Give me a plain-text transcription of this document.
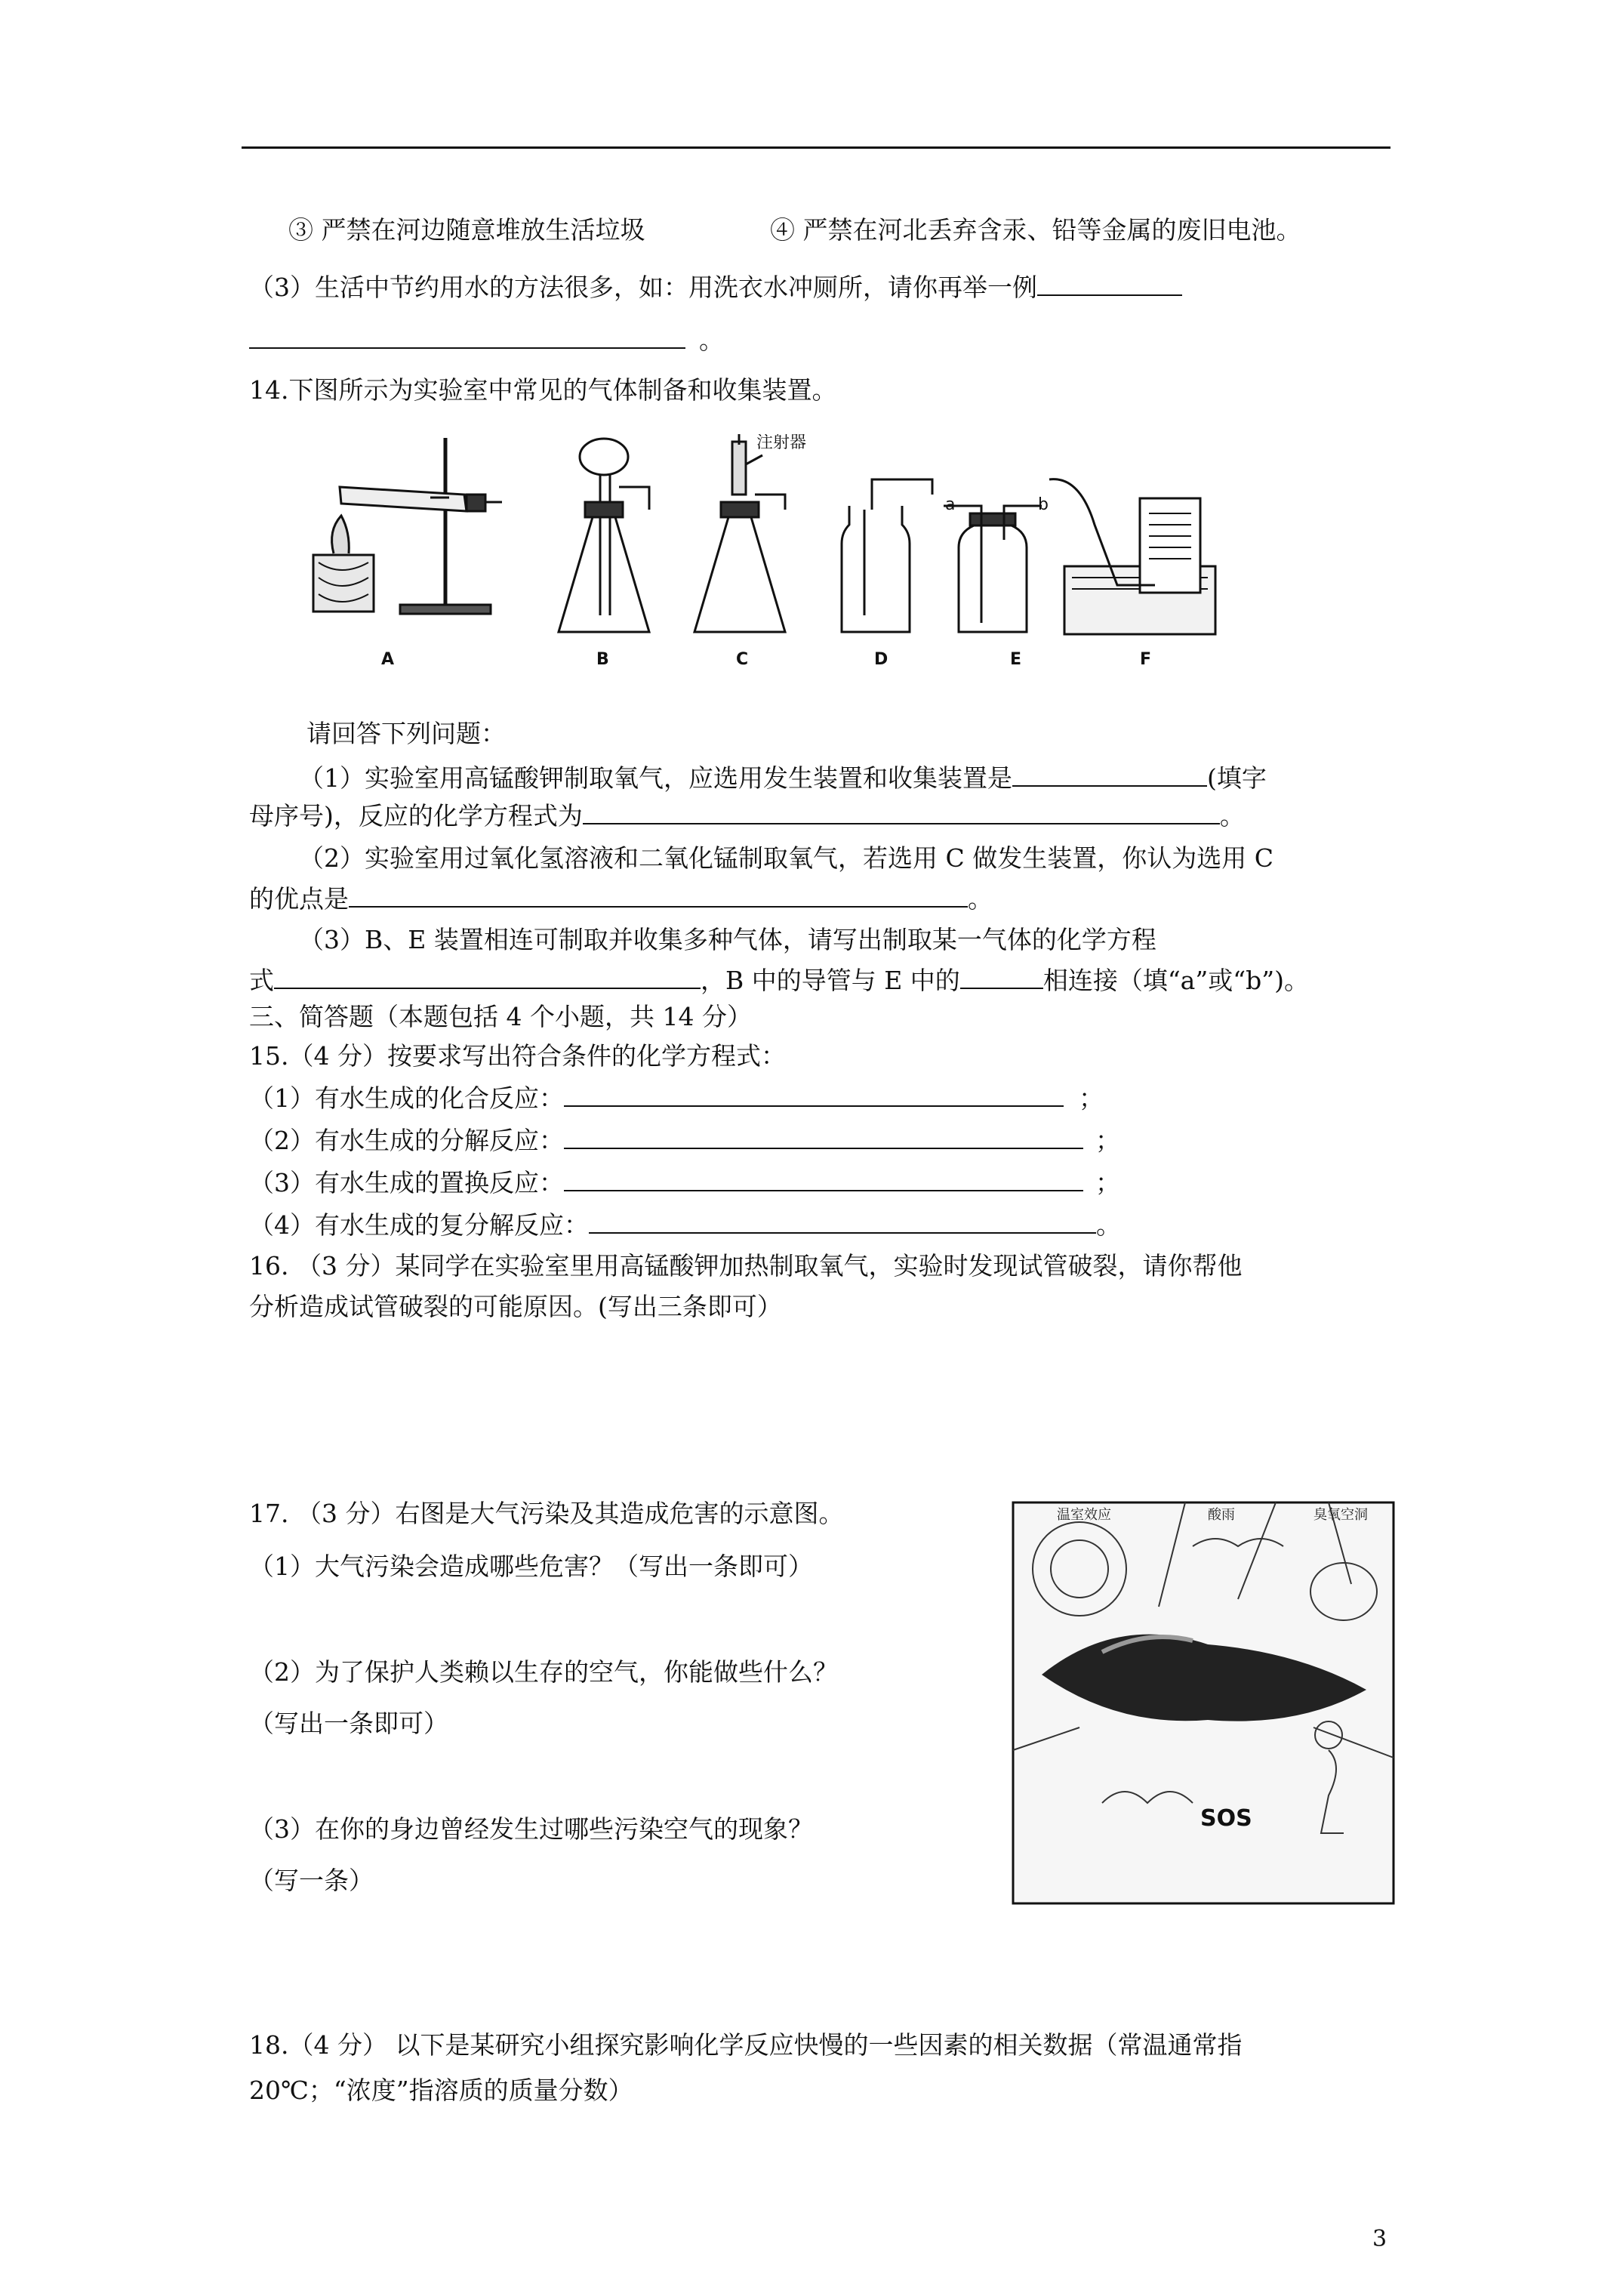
③ 严禁在河边随意堆放生活垃圾	④ 严禁在河北丢弃含汞、铅等金属的废旧电池。
（3）生活中节约用水的方法很多，如：用洗衣水冲厕所，请你再举一例
。
14.下图所示为实验室中常见的气体制备和收集装置。
A	B	C	D	E	F
注射器
a	b
请回答下列问题：
（1）实验室用高锰酸钾制取氧气，应选用发生装置和收集装置是	(填字
母序号)，反应的化学方程式为	。
（2）实验室用过氧化氢溶液和二氧化锰制取氧气，若选用 C 做发生装置，你认为选用 C
的优点是	。
（3）B、E 装置相连可制取并收集多种气体，请写出制取某一气体的化学方程
式	，B 中的导管与 E 中的	相连接（填“a”或“b”)。
三、简答题（本题包括 4 个小题，共 14 分）
15.（4 分）按要求写出符合条件的化学方程式：
（1）有水生成的化合反应：	；
（2）有水生成的分解反应：	；
（3）有水生成的置换反应：	；
（4）有水生成的复分解反应：	。
16. （3 分）某同学在实验室里用高锰酸钾加热制取氧气，实验时发现试管破裂，请你帮他
分析造成试管破裂的可能原因。(写出三条即可）
17. （3 分）右图是大气污染及其造成危害的示意图。
（1）大气污染会造成哪些危害？（写出一条即可）
（2）为了保护人类赖以生存的空气，你能做些什么？
（写出一条即可）
（3）在你的身边曾经发生过哪些污染空气的现象？
（写一条）
温室效应	酸雨	臭氧空洞
SOS
18.（4 分） 以下是某研究小组探究影响化学反应快慢的一些因素的相关数据（常温通常指
20℃；“浓度”指溶质的质量分数）
3
